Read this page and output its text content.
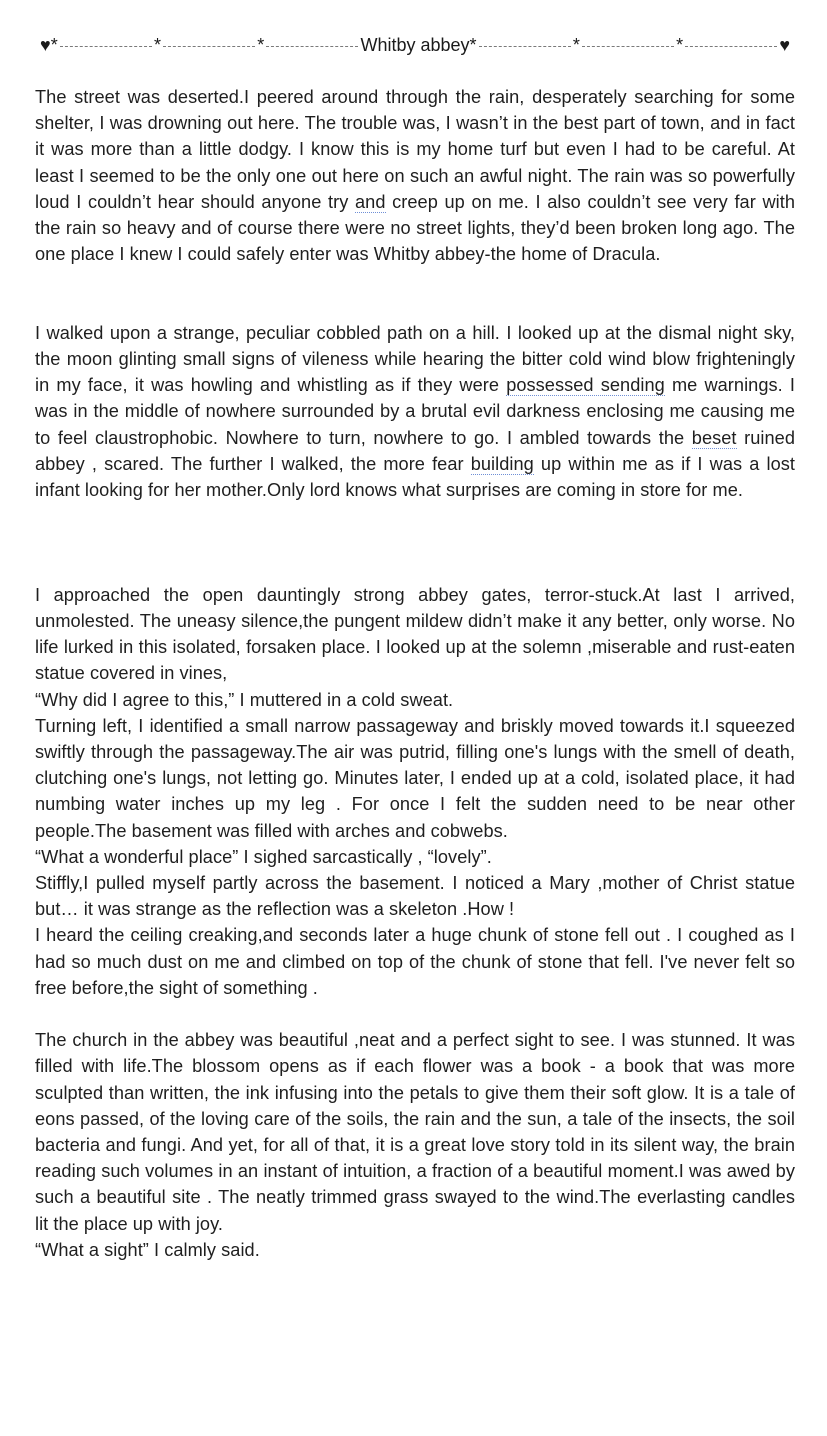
♥ *	*	*	Whitby abbey *	*	*	♥

The street was deserted.I peered around through the rain, desperately searching for some shelter, I was drowning out here. The trouble was, I wasn’t in the best part of town, and in fact it was more than a little dodgy. I know this is my home turf but even I had to be careful. At least I seemed to be the only one out here on such an awful night. The rain was so powerfully loud I couldn’t hear should anyone try and creep up on me. I also couldn’t see very far with the rain so heavy and of course there were no street lights, they’d been broken long ago. The one place I knew I could safely enter was Whitby abbey-the home of Dracula.

I walked upon a strange, peculiar cobbled path on a hill. I looked up at the dismal night sky, the moon glinting small signs of vileness while hearing the bitter cold wind blow frighteningly in my face, it was howling and whistling as if they were possessed sending me warnings. I was in the middle of nowhere surrounded by a brutal evil darkness enclosing me causing me to feel claustrophobic. Nowhere to turn, nowhere to go. I ambled towards the beset ruined abbey , scared. The further I walked, the more fear building up within me as if I was a lost infant looking for her mother.Only lord knows what surprises are coming in store for me.

I approached the open dauntingly strong abbey gates, terror-stuck.At last I arrived, unmolested. The uneasy silence,the pungent mildew didn’t make it any better, only worse. No life lurked in this isolated, forsaken place. I looked up at the solemn ,miserable and rust-eaten statue covered in vines,

“Why did I agree to this,” I muttered in a cold sweat.

Turning left, I identified a small narrow passageway and briskly moved towards it.I squeezed swiftly through the passageway.The air was putrid, filling one's lungs with the smell of death, clutching one's lungs, not letting go. Minutes later, I ended up at a cold, isolated place, it had numbing water inches up my leg . For once I felt the sudden need to be near other people.The basement was filled with arches and cobwebs.

“What a wonderful place” I sighed sarcastically , “lovely”.

Stiffly,I pulled myself partly across the basement. I noticed a Mary ,mother of Christ statue but… it was strange as the reflection was a skeleton .How !

I heard the ceiling creaking,and seconds later a huge chunk of stone fell out . I coughed as I had so much dust on me and climbed on top of the chunk of stone that fell. I've never felt so free before,the sight of something .

The church in the abbey was beautiful ,neat and a perfect sight to see. I was stunned. It was filled with life.The blossom opens as if each flower was a book - a book that was more sculpted than written, the ink infusing into the petals to give them their soft glow. It is a tale of eons passed, of the loving care of the soils, the rain and the sun, a tale of the insects, the soil bacteria and fungi. And yet, for all of that, it is a great love story told in its silent way, the brain reading such volumes in an instant of intuition, a fraction of a beautiful moment.I was awed by such a beautiful site . The neatly trimmed grass swayed to the wind.The everlasting candles lit the place up with joy.

“What a sight” I calmly said.
